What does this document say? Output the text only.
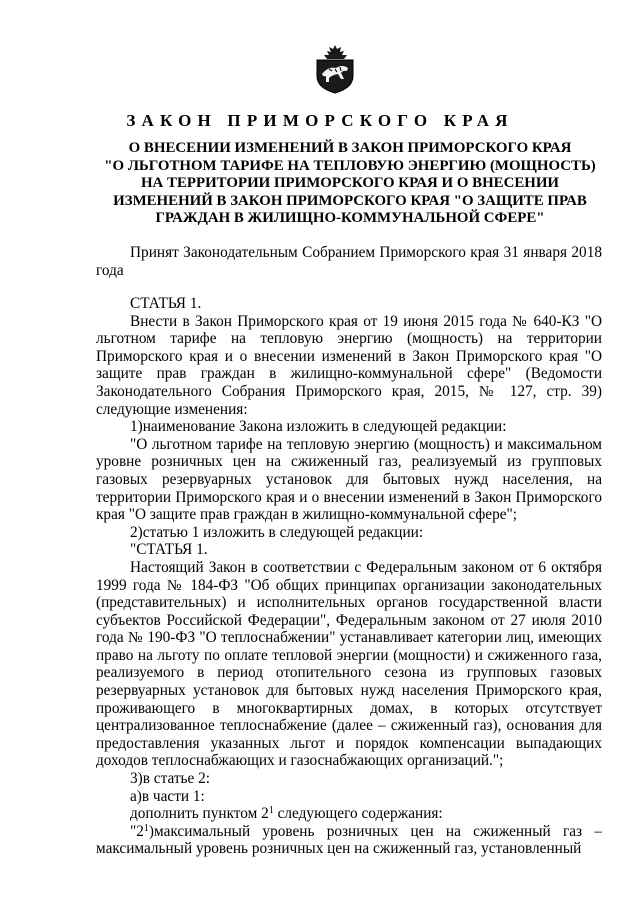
ЗАКОН ПРИМОРСКОГО КРАЯ
О ВНЕСЕНИИ ИЗМЕНЕНИЙ В ЗАКОН ПРИМОРСКОГО КРАЯ
"О ЛЬГОТНОМ ТАРИФЕ НА ТЕПЛОВУЮ ЭНЕРГИЮ (МОЩНОСТЬ)
НА ТЕРРИТОРИИ ПРИМОРСКОГО КРАЯ И О ВНЕСЕНИИ
ИЗМЕНЕНИЙ В ЗАКОН ПРИМОРСКОГО КРАЯ "О ЗАЩИТЕ ПРАВ
ГРАЖДАН В ЖИЛИЩНО-КОММУНАЛЬНОЙ СФЕРЕ"

Принят Законодательным Собранием Приморского края 31 января 2018 года

СТАТЬЯ 1.

Внести в Закон Приморского края от 19 июня 2015 года № 640-КЗ "О льготном тарифе на тепловую энергию (мощность) на территории Приморского края и о внесении изменений в Закон Приморского края "О защите прав граждан в жилищно-коммунальной сфере" (Ведомости Законодательного Собрания Приморского края, 2015, № 127, стр. 39) следующие изменения:

1)наименование Закона изложить в следующей редакции:

"О льготном тарифе на тепловую энергию (мощность) и максимальном уровне розничных цен на сжиженный газ, реализуемый из групповых газовых резервуарных установок для бытовых нужд населения, на территории Приморского края и о внесении изменений в Закон Приморского края "О защите прав граждан в жилищно-коммунальной сфере";

2)статью 1 изложить в следующей редакции:

"СТАТЬЯ 1.

Настоящий Закон в соответствии с Федеральным законом от 6 октября 1999 года № 184-ФЗ "Об общих принципах организации законодательных (представительных) и исполнительных органов государственной власти субъектов Российской Федерации", Федеральным законом от 27 июля 2010 года № 190-ФЗ "О теплоснабжении" устанавливает категории лиц, имеющих право на льготу по оплате тепловой энергии (мощности) и сжиженного газа, реализуемого в период отопительного сезона из групповых газовых резервуарных установок для бытовых нужд населения Приморского края, проживающего в многоквартирных домах, в которых отсутствует централизованное теплоснабжение (далее – сжиженный газ), основания для предоставления указанных льгот и порядок компенсации выпадающих доходов теплоснабжающих и газоснабжающих организаций.";

3)в статье 2:

а)в части 1:

дополнить пунктом $2^1$ следующего содержания:

"$2^1)максимальный$ уровень розничных цен на сжиженный газ – максимальный уровень розничных цен на сжиженный газ, установленный
